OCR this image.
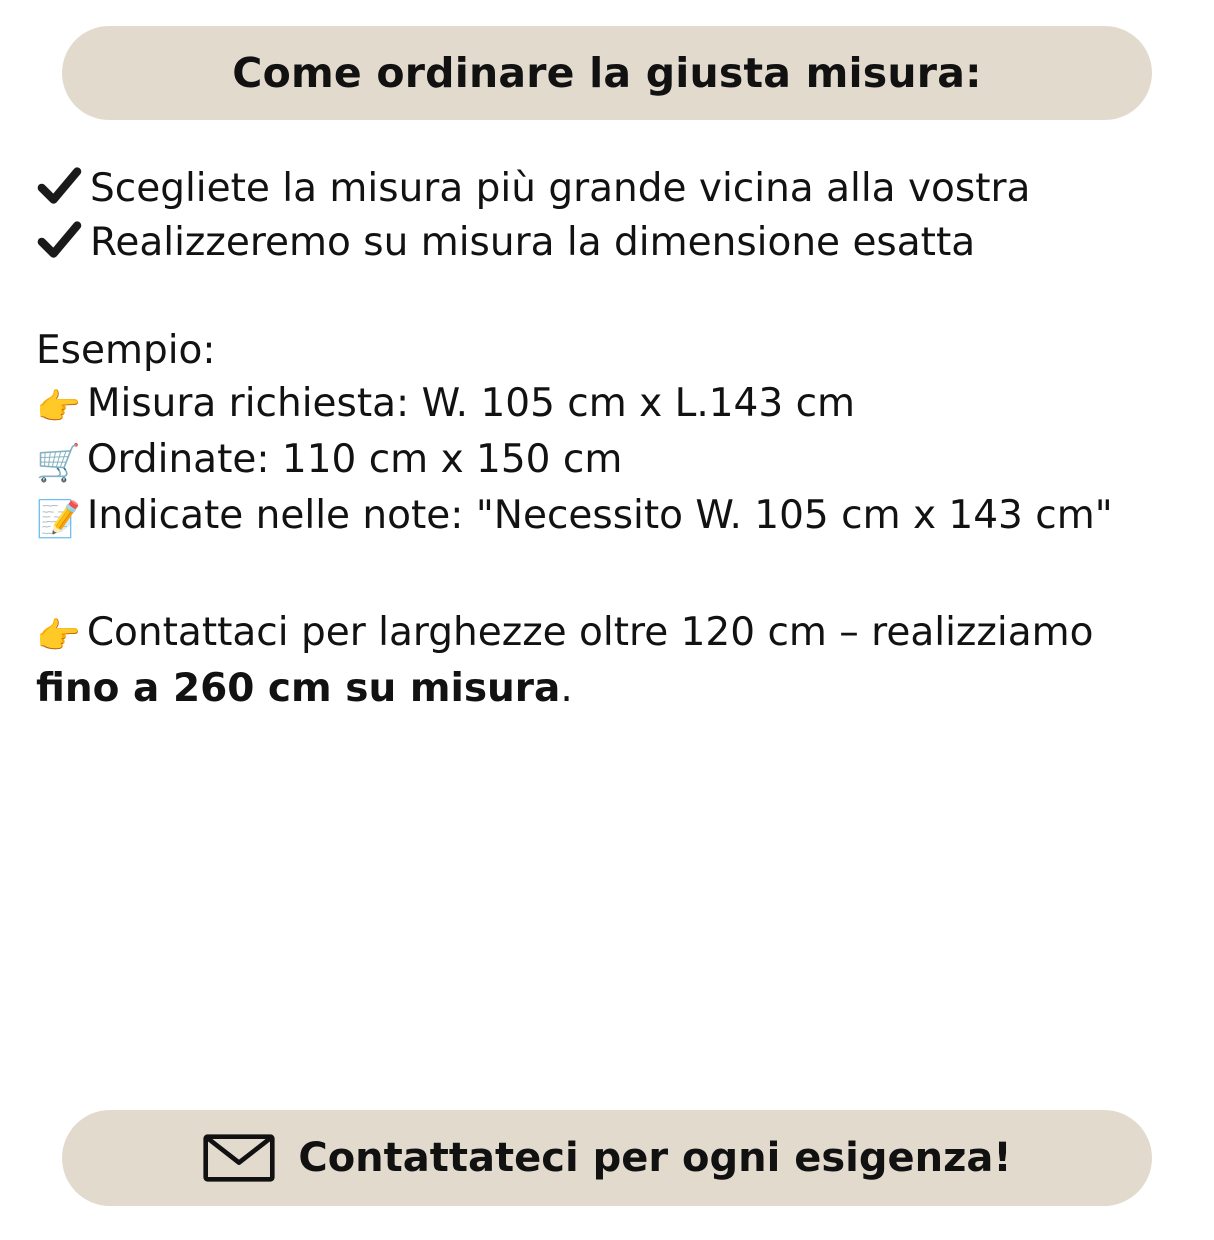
Come ordinare la giusta misura:

Scegliete la misura più grande vicina alla vostra

Realizzeremo su misura la dimensione esatta

Esempio:

👉 Misura richiesta: W. 105 cm x L.143 cm

🛒 Ordinate: 110 cm x 150 cm

📝 Indicate nelle note: "Necessito W. 105 cm x 143 cm"

👉 Contattaci per larghezze oltre 120 cm – realizziamo fino a 260 cm su misura.

Contattateci per ogni esigenza!
